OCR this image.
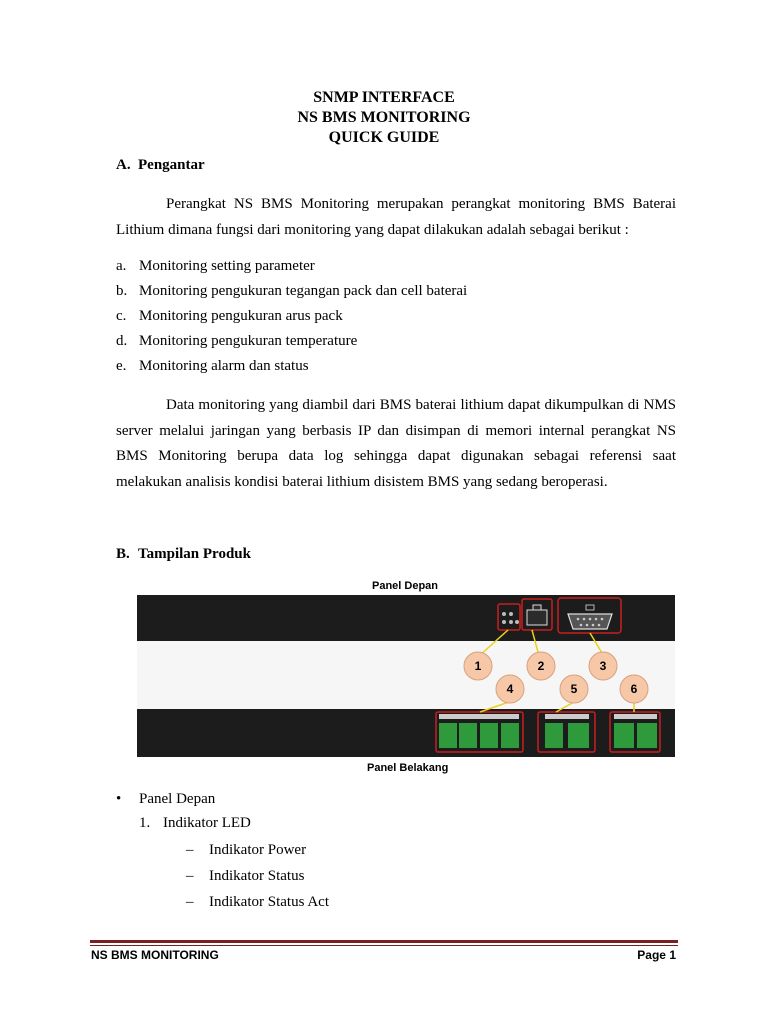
SNMP INTERFACE
NS BMS MONITORING
QUICK GUIDE
A. Pengantar
Perangkat NS BMS Monitoring merupakan perangkat monitoring BMS Baterai
Lithium dimana fungsi dari monitoring yang dapat dilakukan adalah sebagai berikut :
a. Monitoring setting parameter
b. Monitoring pengukuran tegangan pack dan cell baterai
c. Monitoring pengukuran arus pack
d. Monitoring pengukuran temperature
e. Monitoring alarm dan status
Data monitoring yang diambil dari BMS baterai lithium dapat dikumpulkan di NMS
server melalui jaringan yang berbasis IP dan disimpan di memori internal perangkat NS
BMS Monitoring berupa data log sehingga dapat digunakan sebagai referensi saat
melakukan analisis kondisi baterai lithium disistem BMS yang sedang beroperasi.
B. Tampilan Produk
Panel Depan
Panel Belakang
1	2	3
4	5	6
• Panel Depan
1. Indikator LED
– Indikator Power
– Indikator Status
– Indikator Status Act
NS BMS MONITORING	Page 1
